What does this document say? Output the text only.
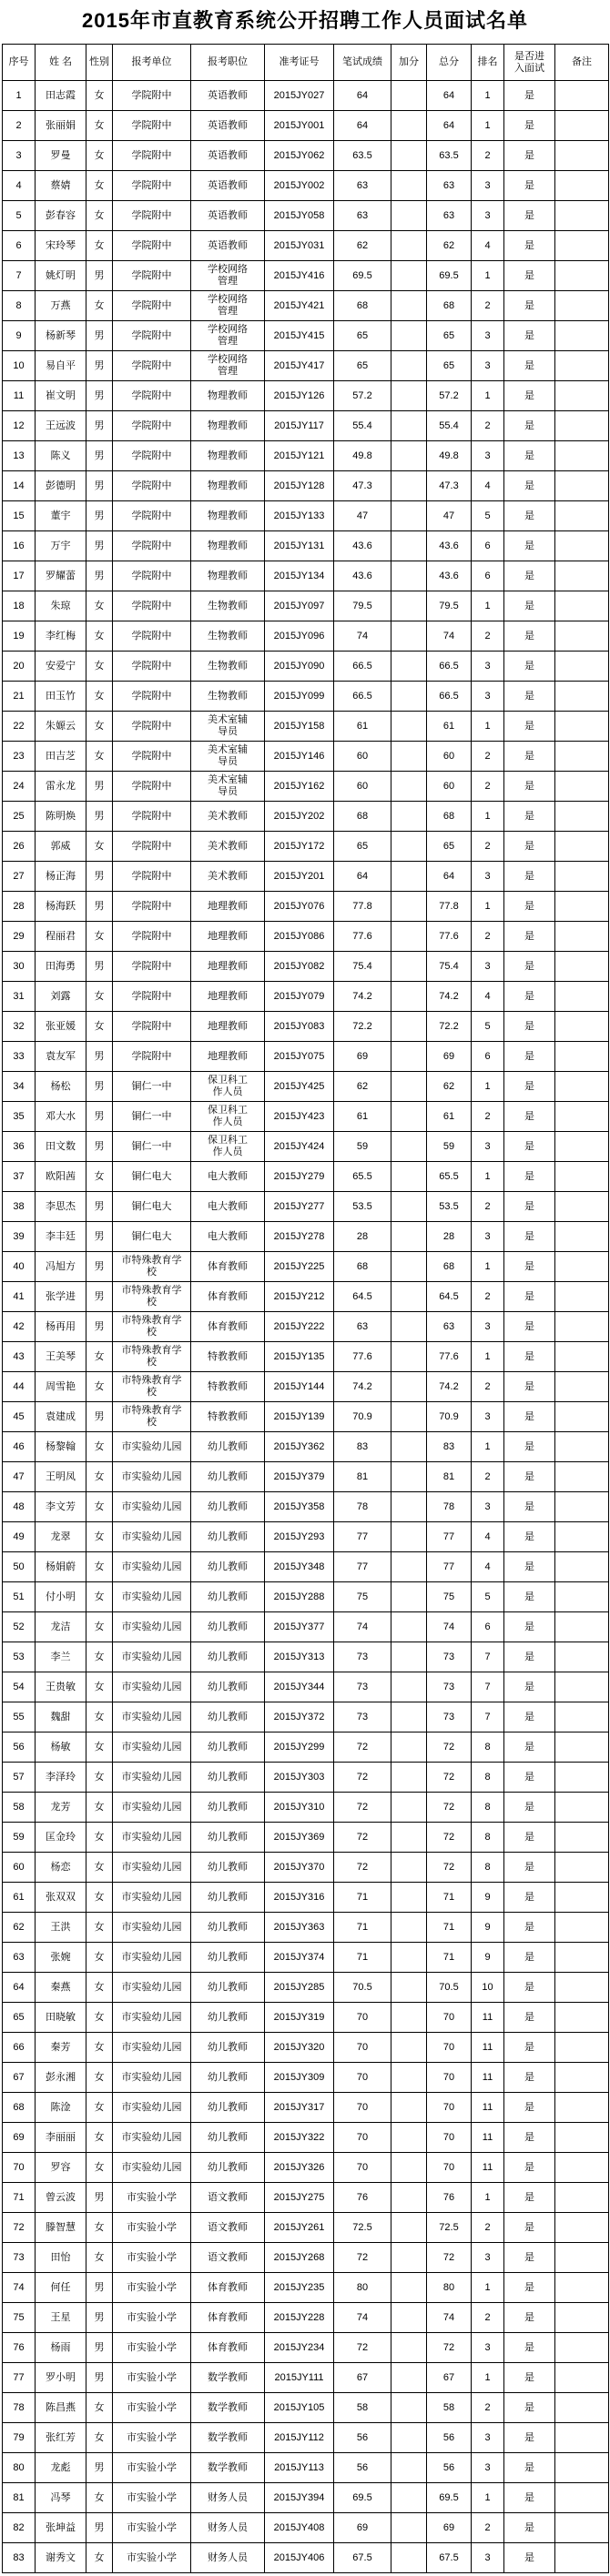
2015年市直教育系统公开招聘工作人员面试名单
序号	姓 名	性别	报考单位	报考职位	准考证号	笔试成绩	加分	总分	排名	是否进入面试	备注
1	田志霞	女	学院附中	英语教师	2015JY027	64		64	1	是	
2	张丽娟	女	学院附中	英语教师	2015JY001	64		64	1	是	
3	罗曼	女	学院附中	英语教师	2015JY062	63.5		63.5	2	是	
4	蔡婧	女	学院附中	英语教师	2015JY002	63		63	3	是	
5	彭春容	女	学院附中	英语教师	2015JY058	63		63	3	是	
6	宋玲琴	女	学院附中	英语教师	2015JY031	62		62	4	是	
7	姚灯明	男	学院附中	学校网络管理	2015JY416	69.5		69.5	1	是	
8	万燕	女	学院附中	学校网络管理	2015JY421	68		68	2	是	
9	杨新琴	男	学院附中	学校网络管理	2015JY415	65		65	3	是	
10	易自平	男	学院附中	学校网络管理	2015JY417	65		65	3	是	
11	崔文明	男	学院附中	物理教师	2015JY126	57.2		57.2	1	是	
12	王远波	男	学院附中	物理教师	2015JY117	55.4		55.4	2	是	
13	陈义	男	学院附中	物理教师	2015JY121	49.8		49.8	3	是	
14	彭德明	男	学院附中	物理教师	2015JY128	47.3		47.3	4	是	
15	董宇	男	学院附中	物理教师	2015JY133	47		47	5	是	
16	万宇	男	学院附中	物理教师	2015JY131	43.6		43.6	6	是	
17	罗耀蕾	男	学院附中	物理教师	2015JY134	43.6		43.6	6	是	
18	朱琼	女	学院附中	生物教师	2015JY097	79.5		79.5	1	是	
19	李红梅	女	学院附中	生物教师	2015JY096	74		74	2	是	
20	安爱宁	女	学院附中	生物教师	2015JY090	66.5		66.5	3	是	
21	田玉竹	女	学院附中	生物教师	2015JY099	66.5		66.5	3	是	
22	朱嫄云	女	学院附中	美术室辅导员	2015JY158	61		61	1	是	
23	田吉芝	女	学院附中	美术室辅导员	2015JY146	60		60	2	是	
24	雷永龙	男	学院附中	美术室辅导员	2015JY162	60		60	2	是	
25	陈明焕	男	学院附中	美术教师	2015JY202	68		68	1	是	
26	郭威	女	学院附中	美术教师	2015JY172	65		65	2	是	
27	杨正海	男	学院附中	美术教师	2015JY201	64		64	3	是	
28	杨海跃	男	学院附中	地理教师	2015JY076	77.8		77.8	1	是	
29	程丽君	女	学院附中	地理教师	2015JY086	77.6		77.6	2	是	
30	田海勇	男	学院附中	地理教师	2015JY082	75.4		75.4	3	是	
31	刘露	女	学院附中	地理教师	2015JY079	74.2		74.2	4	是	
32	张亚媛	女	学院附中	地理教师	2015JY083	72.2		72.2	5	是	
33	袁友军	男	学院附中	地理教师	2015JY075	69		69	6	是	
34	杨松	男	铜仁一中	保卫科工作人员	2015JY425	62		62	1	是	
35	邓大水	男	铜仁一中	保卫科工作人员	2015JY423	61		61	2	是	
36	田文数	男	铜仁一中	保卫科工作人员	2015JY424	59		59	3	是	
37	欧阳茜	女	铜仁电大	电大教师	2015JY279	65.5		65.5	1	是	
38	李思杰	男	铜仁电大	电大教师	2015JY277	53.5		53.5	2	是	
39	李丰廷	男	铜仁电大	电大教师	2015JY278	28		28	3	是	
40	冯旭方	男	市特殊教育学校	体育教师	2015JY225	68		68	1	是	
41	张学进	男	市特殊教育学校	体育教师	2015JY212	64.5		64.5	2	是	
42	杨再用	男	市特殊教育学校	体育教师	2015JY222	63		63	3	是	
43	王美琴	女	市特殊教育学校	特教教师	2015JY135	77.6		77.6	1	是	
44	周雪艳	女	市特殊教育学校	特教教师	2015JY144	74.2		74.2	2	是	
45	袁建成	男	市特殊教育学校	特教教师	2015JY139	70.9		70.9	3	是	
46	杨黎翰	女	市实验幼儿园	幼儿教师	2015JY362	83		83	1	是	
47	王明凤	女	市实验幼儿园	幼儿教师	2015JY379	81		81	2	是	
48	李文芳	女	市实验幼儿园	幼儿教师	2015JY358	78		78	3	是	
49	龙翠	女	市实验幼儿园	幼儿教师	2015JY293	77		77	4	是	
50	杨娟蔚	女	市实验幼儿园	幼儿教师	2015JY348	77		77	4	是	
51	付小明	女	市实验幼儿园	幼儿教师	2015JY288	75		75	5	是	
52	龙洁	女	市实验幼儿园	幼儿教师	2015JY377	74		74	6	是	
53	李兰	女	市实验幼儿园	幼儿教师	2015JY313	73		73	7	是	
54	王贵敏	女	市实验幼儿园	幼儿教师	2015JY344	73		73	7	是	
55	魏甜	女	市实验幼儿园	幼儿教师	2015JY372	73		73	7	是	
56	杨敏	女	市实验幼儿园	幼儿教师	2015JY299	72		72	8	是	
57	李泽玲	女	市实验幼儿园	幼儿教师	2015JY303	72		72	8	是	
58	龙芳	女	市实验幼儿园	幼儿教师	2015JY310	72		72	8	是	
59	匡金玲	女	市实验幼儿园	幼儿教师	2015JY369	72		72	8	是	
60	杨恋	女	市实验幼儿园	幼儿教师	2015JY370	72		72	8	是	
61	张双双	女	市实验幼儿园	幼儿教师	2015JY316	71		71	9	是	
62	王洪	女	市实验幼儿园	幼儿教师	2015JY363	71		71	9	是	
63	张婉	女	市实验幼儿园	幼儿教师	2015JY374	71		71	9	是	
64	秦燕	女	市实验幼儿园	幼儿教师	2015JY285	70.5		70.5	10	是	
65	田晓敏	女	市实验幼儿园	幼儿教师	2015JY319	70		70	11	是	
66	秦芳	女	市实验幼儿园	幼儿教师	2015JY320	70		70	11	是	
67	彭永湘	女	市实验幼儿园	幼儿教师	2015JY309	70		70	11	是	
68	陈淦	女	市实验幼儿园	幼儿教师	2015JY317	70		70	11	是	
69	李丽丽	女	市实验幼儿园	幼儿教师	2015JY322	70		70	11	是	
70	罗容	女	市实验幼儿园	幼儿教师	2015JY326	70		70	11	是	
71	曾云波	男	市实验小学	语文教师	2015JY275	76		76	1	是	
72	滕智慧	女	市实验小学	语文教师	2015JY261	72.5		72.5	2	是	
73	田怡	女	市实验小学	语文教师	2015JY268	72		72	3	是	
74	何任	男	市实验小学	体育教师	2015JY235	80		80	1	是	
75	王星	男	市实验小学	体育教师	2015JY228	74		74	2	是	
76	杨雨	男	市实验小学	体育教师	2015JY234	72		72	3	是	
77	罗小明	男	市实验小学	数学教师	2015JY111	67		67	1	是	
78	陈昌燕	女	市实验小学	数学教师	2015JY105	58		58	2	是	
79	张红芳	女	市实验小学	数学教师	2015JY112	56		56	3	是	
80	龙彪	男	市实验小学	数学教师	2015JY113	56		56	3	是	
81	冯琴	女	市实验小学	财务人员	2015JY394	69.5		69.5	1	是	
82	张坤益	男	市实验小学	财务人员	2015JY408	69		69	2	是	
83	谢秀文	女	市实验小学	财务人员	2015JY406	67.5		67.5	3	是	
